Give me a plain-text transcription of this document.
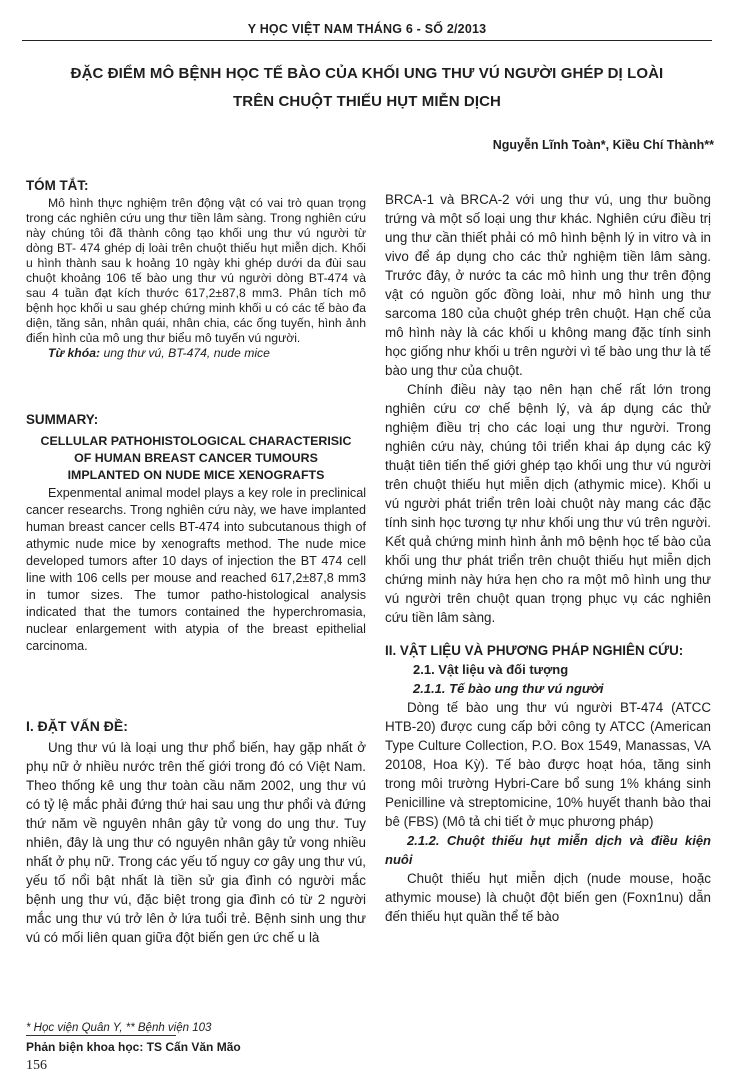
Y HỌC VIỆT NAM THÁNG 6 - SỐ 2/2013
ĐẶC ĐIỂM MÔ BỆNH HỌC TẾ BÀO CỦA KHỐI UNG THƯ VÚ NGƯỜI GHÉP DỊ LOÀI
TRÊN CHUỘT THIẾU HỤT MIỄN DỊCH
Nguyễn Lĩnh Toàn*, Kiều Chí Thành**
TÓM TẮT:

Mô hình thực nghiệm trên động vật có vai trò quan trọng trong các nghiên cứu ung thư tiền lâm sàng. Trong nghiên cứu này chúng tôi đã thành công tạo khối ung thư vú người từ dòng BT- 474 ghép dị loài trên chuột thiếu hụt miễn dịch. Khối u hình thành sau k hoảng 10 ngày khi ghép dưới da đùi sau chuột khoảng 106 tế bào ung thư vú người dòng BT-474 và sau 4 tuần đạt kích thước 617,2±87,8 mm3. Phân tích mô bệnh học khối u sau ghép chứng minh khối u có các tế bào đa diện, tăng sản, nhân quái, nhân chia, các ống tuyến, hình ảnh điển hình của mô ung thư biểu mô tuyến vú người.

Từ khóa: ung thư vú, BT-474, nude mice

SUMMARY:
CELLULAR PATHOHISTOLOGICAL CHARACTERISIC
OF HUMAN BREAST CANCER TUMOURS
IMPLANTED ON NUDE MICE XENOGRAFTS

Expenmental animal model plays a key role in preclinical cancer researchs. Trong nghiên cứu này, we have implanted human breast cancer cells BT-474 into subcutanous thigh of athymic nude mice by xenografts method. The nude mice developed tumors after 10 days of injection the BT 474 cell line with 106 cells per mouse and reached 617,2±87,8 mm3 in tumor sizes. The tumor patho-histological analysis indicated that the tumors contained the hyperchromasia, nuclear enlargement with atypia of the breast epithelial carcinoma.

I. ĐẶT VẤN ĐỀ:

Ung thư vú là loại ung thư phổ biến, hay gặp nhất ở phụ nữ ở nhiều nước trên thế giới trong đó có Việt Nam. Theo thống kê ung thư toàn cầu năm 2002, ung thư vú có tỷ lệ mắc phải đứng thứ hai sau ung thư phổi và đứng thứ năm về nguyên nhân gây tử vong do ung thư. Tuy nhiên, đây là ung thư có nguyên nhân gây tử vong nhiều nhất ở phụ nữ. Trong các yếu tố nguy cơ gây ung thư vú, yếu tố nổi bật nhất là tiền sử gia đình có người mắc bệnh ung thư vú, đặc biệt trong gia đình có từ 2 người mắc ung thư vú trở lên ở lứa tuổi trẻ. Bệnh sinh ung thư vú có mối liên quan giữa đột biến gen ức chế u là

BRCA-1 và BRCA-2 với ung thư vú, ung thư buồng trứng và một số loại ung thư khác. Nghiên cứu điều trị ung thư cần thiết phải có mô hình bệnh lý in vitro và in vivo để áp dụng cho các thử nghiệm tiền lâm sàng. Trước đây, ở nước ta các mô hình ung thư trên động vật có nguồn gốc đồng loài, như mô hình ung thư sarcoma 180 của chuột ghép trên chuột. Hạn chế của mô hình này là các khối u không mang đặc tính sinh học giống như khối u trên người vì tế bào ung thư là tế bào ung thư của chuột.

Chính điều này tạo nên hạn chế rất lớn trong nghiên cứu cơ chế bệnh lý, và áp dụng các thử nghiệm điều trị cho các loại ung thư người. Trong nghiên cứu này, chúng tôi triển khai áp dụng các kỹ thuật tiên tiến thế giới ghép tạo khối ung thư vú người trên chuột thiếu hụt miễn dịch (athymic mice). Khối u vú người phát triển trên loài chuột này mang các đặc tính sinh học tương tự như khối ung thư vú trên người. Kết quả chứng minh hình ảnh mô bệnh học tế bào của khối ung thư phát triển trên chuột thiếu hụt miễn dịch chứng minh này hứa hẹn cho ra một mô hình ung thư vú người trên chuột quan trọng phục vụ các nghiên cứu tiền lâm sàng.

II. VẬT LIỆU VÀ PHƯƠNG PHÁP NGHIÊN CỨU:

2.1. Vật liệu và đối tượng

2.1.1. Tế bào ung thư vú người

Dòng tế bào ung thư vú người BT-474 (ATCC HTB-20) được cung cấp bởi công ty ATCC (American Type Culture Collection, P.O. Box 1549, Manassas, VA 20108, Hoa Kỳ). Tế bào được hoạt hóa, tăng sinh trong môi trường Hybri-Care bổ sung 1% kháng sinh Penicilline và streptomicine, 10% huyết thanh bào thai bê (FBS) (Mô tả chi tiết ở mục phương pháp)

2.1.2. Chuột thiếu hụt miễn dịch và điều kiện nuôi

Chuột thiếu hụt miễn dịch (nude mouse, hoặc athymic mouse) là chuột đột biến gen (Foxn1nu) dẫn đến thiếu hụt quần thể tế bào

* Học viện Quân Y, ** Bệnh viện 103
Phản biện khoa học: TS Cấn Văn Mão
156
